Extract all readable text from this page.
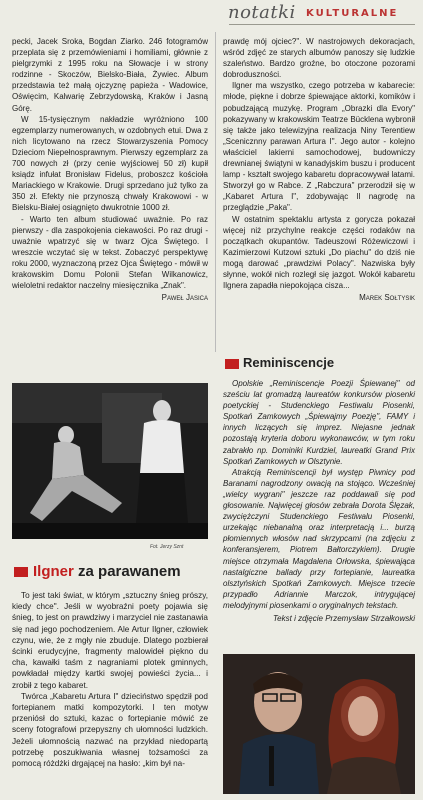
notatki KULTURALNE

pecki, Jacek Sroka, Bogdan Ziarko. 246 fotogramów przeplata się z przemówieniami i homiliami, głównie z pielgrzymki z 1995 roku na Słowacje i w strony rodzinne - Skoczów, Bielsko-Biała, Żywiec. Album przedstawia też małą ojczyznę papieża - Wadowice, Oświęcim, Kalwarię Zebrzydowską, Kraków i Jasną Górę.

W 15-tysięcznym nakładzie wyróżniono 100 egzemplarzy numerowanych, w ozdobnych etui. Dwa z nich licytowano na rzecz Stowarzyszenia Pomocy Dzieciom Niepełnosprawnym. Pierwszy egzemplarz za 700 nowych zł (przy cenie wyjściowej 50 zł) kupił ksiądz infułat Bronisław Fidelus, proboszcz kościoła Mariackiego w Krakowie. Drugi sprzedano już tylko za 350 zł. Efekty nie przynoszą chwały Krakowowi - w Bielsku-Białej osiągnięto dwukrotnie 1000 zł.

- Warto ten album studiować uważnie. Po raz pierwszy - dla zaspokojenia ciekawości. Po raz drugi - uważnie wpatrzyć się w twarz Ojca Świętego. I wreszcie wczytać się w tekst. Zobaczyć perspektywę roku 2000, wyznaczoną przez Ojca Świętego - mówił w krakowskim Domu Polonii Stefan Wilkanowicz, wieloletni redaktor naczelny miesięcznika „Znak".

Paweł Jasica

prawdę mój ojciec?". W nastrojowych dekoracjach, wśród zdjęć ze starych albumów panoszy się ludzkie szaleństwo. Bardzo groźne, bo otoczone pozorami dobroduszności.

Ilgner ma wszystko, czego potrzeba w kabarecie: młode, piękne i dobrze śpiewające aktorki, komików i pobudzającą muzykę. Program „Obrazki dla Evory" pokazywany w krakowskim Teatrze Bücklena wybronił się także jako telewizyjna realizacja Niny Terentiew „Scenicznny parawan Artura I". Jego autor - kolejno właściciel lakierni samochodowej, budowniczy drewnianej świątyni w kanadyjskim buszu i producent lamp - kształt swojego kabaretu dopracowywał latami. Stworzył go w Rabce. Z „Rabczura" przerodził się w „Kabaret Artura I", zdobywając II nagrodę na przeglądzie „Paka".

W ostatnim spektaklu artysta z gorycza pokazał więcej niż przychylne reakcje części rodaków na początkach okupantów. Tadeuszowi Różewiczowi i Kazimierzowi Kutzowi sztuki „Do piachu" do dziś nie mogą darować „prawdziwi Polacy". Nazwiska były słynne, wokół nich rozległ się jazgot. Wokół kabaretu Ilgnera zapadła niepokojąca cisza...

Marek Sołtysik
Fot. Jerzy Sznt
Ilgner za parawanem

To jest taki świat, w którym „sztuczny śnieg prószy, kiedy chce". Jeśli w wyobraźni poety pojawia się śnieg, to jest on prawdziwy i marzyciel nie zastanawia się nad jego pochodzeniem. Ale Artur Ilgner, człowiek czynu, wie, że z mgły nie zbuduje. Dlatego pozbierał ścinki erudycyjne, fragmenty malowideł piękno du cha, kawałki taśm z nagraniami plotek gminnych, powkładał między kartki swojej powieści życia... i zrobił z tego kabaret.

Twórca „Kabaretu Artura I" dzieciństwo spędził pod fortepianem matki kompozytorki. I ten motyw przeniósł do sztuki, kazac o fortepianie mówić ze sceny fotografowi przepyszny ch ułomności ludzkich. Jeżeli ułomnością nazwać na przykład niedopartą potrzebę poszukiwania własnej tożsamości za pomocą różdżki drgającej na hasło: „kim był na-

Reminiscencje

Opolskie „Reminiscencje Poezji Śpiewanej" od sześciu lat gromadzą laureatów konkursów piosenki poetyckiej - Studenckiego Festiwalu Piosenki, Spotkań Zamkowych „Śpiewajmy Poezję", FAMY i innych liczących się imprez. Niejasne jednak pozostają kryteria doboru wykonawców, w tym roku zabrakło np. Dominiki Kurdziel, laureatki Grand Prix Spotkań Zamkowych w Olsztynie.

Atrakcją Reminiscencji był występ Piwnicy pod Baranami nagrodzony owacją na stojąco. Wcześniej „wielcy wygrani" jeszcze raz poddawali się pod głosowanie. Najwięcej głosów zebrała Dorota Ślęzak, zwyciężczyni Studenckiego Festiwalu Piosenki, urzekając niebanalną oraz interpretacją i... burzą płomiennych włosów nad skrzypcami (na zdjęciu z konferansjerem, Piotrem Bałtorczykiem). Drugie miejsce otrzymała Magdalena Orłowska, śpiewająca nastalgiczne ballady przy fortepianie, laureatka olsztyńskich Spotkań Zamkowych. Miejsce trzecie przypadło Adriannie Marczok, intrygującej melodyjnymi piosenkami o oryginalnych tekstach.

Tekst i zdjęcie Przemysław Strzałkowski
